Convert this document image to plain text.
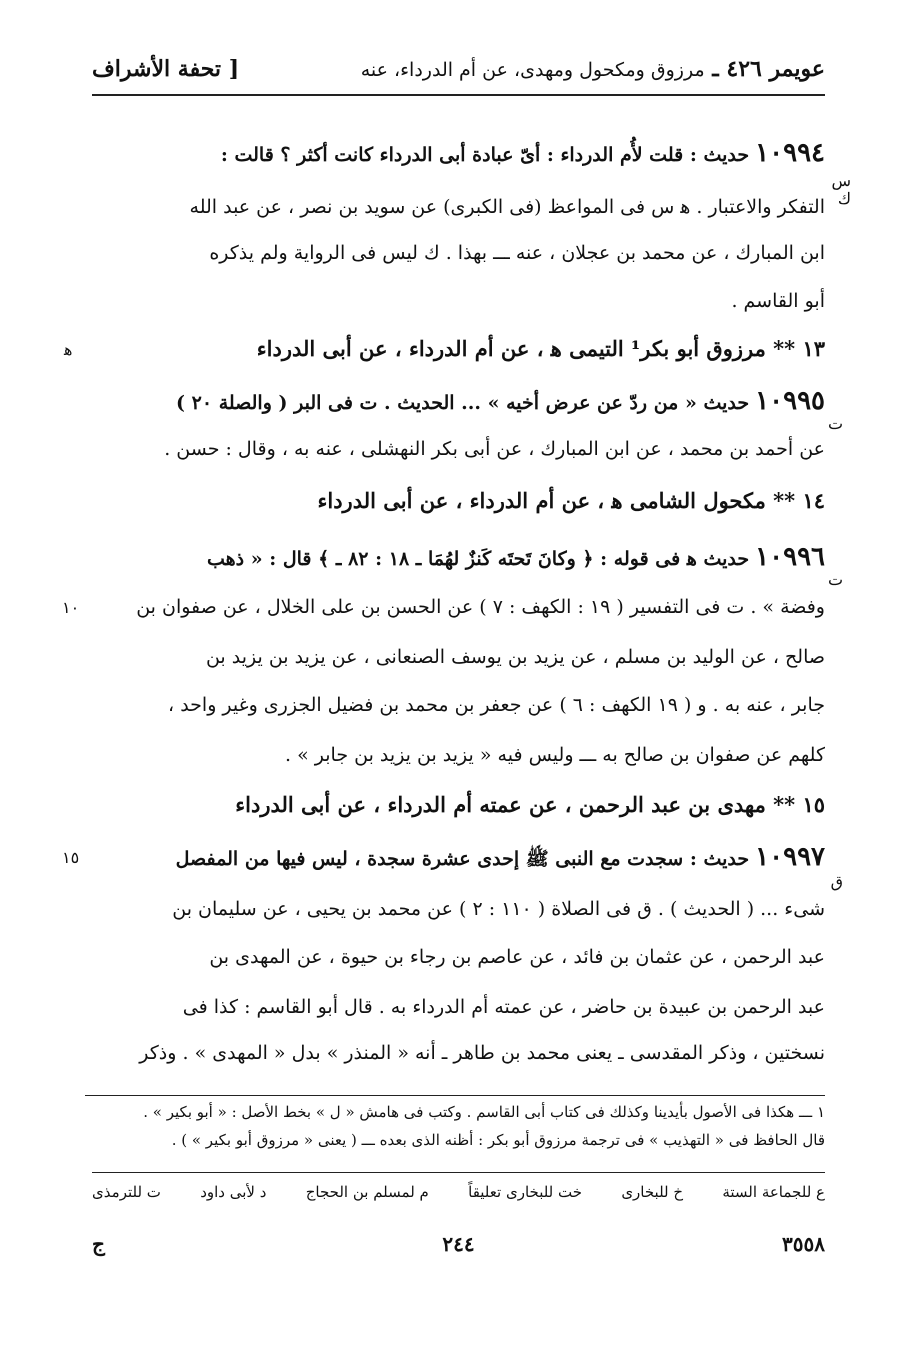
عويمر ٤٢٦ ـ مرزوق ومكحول ومهدى، عن أم الدرداء، عنه
[ تحفة الأشراف
١٠٩٩٤ حديث : قلت لأُم الدرداء : أىّ عبادة أبى الدرداء كانت أكثر ؟ قالت :
س ك
التفكر والاعتبار . ه‍ س فى المواعظ (فى الكبرى) عن سويد بن نصر ، عن عبد الله
ابن المبارك ، عن محمد بن عجلان ، عنه ـــ بهذا . ك ليس فى الرواية ولم يذكره
أبو القاسم .
١٣ ** مرزوق أبو بكر¹ التيمى ه‍ ، عن أم الدرداء ، عن أبى الدرداء
ه‍
١٠٩٩٥ حديث « من ردّ عن عرض أخيه » ... الحديث . ت فى البر ( والصلة ٢٠ )
ت
عن أحمد بن محمد ، عن ابن المبارك ، عن أبى بكر النهشلى ، عنه به ، وقال : حسن .
١٤ ** مكحول الشامى ه‍ ، عن أم الدرداء ، عن أبى الدرداء
١٠٩٩٦ حديث ه‍ فى قوله : ﴿ وكانَ تَحتَه كَنزٌ لهُمَا ـ ١٨ : ٨٢ ـ ﴾ قال : « ذهب
ت
وفضة » . ت فى التفسير ( ١٩ : الكهف : ٧ ) عن الحسن بن على الخلال ، عن صفوان بن
١٠
صالح ، عن الوليد بن مسلم ، عن يزيد بن يوسف الصنعانى ، عن يزيد بن يزيد بن
جابر ، عنه به . و ( ١٩ الكهف : ٦ ) عن جعفر بن محمد بن فضيل الجزرى وغير واحد ،
كلهم عن صفوان بن صالح به ـــ وليس فيه « يزيد بن يزيد بن جابر » .
١٥ ** مهدى بن عبد الرحمن ، عن عمته أم الدرداء ، عن أبى الدرداء
١٠٩٩٧ حديث : سجدت مع النبى ﷺ إحدى عشرة سجدة ، ليس فيها من المفصل
١٥
ق
شىء ... ( الحديث ) . ق فى الصلاة ( ١١٠ : ٢ ) عن محمد بن يحيى ، عن سليمان بن
عبد الرحمن ، عن عثمان بن فائد ، عن عاصم بن رجاء بن حيوة ، عن المهدى بن
عبد الرحمن بن عبيدة بن حاضر ، عن عمته أم الدرداء به . قال أبو القاسم : كذا فى
نسختين ، وذكر المقدسى ـ يعنى محمد بن طاهر ـ أنه « المنذر » بدل « المهدى » . وذكر
١ ـــ هكذا فى الأصول بأيدينا وكذلك فى كتاب أبى القاسم . وكتب فى هامش « ل » بخط الأصل : « أبو بكير » .
قال الحافظ فى « التهذيب » فى ترجمة مرزوق أبو بكر : أظنه الذى بعده ـــ ( يعنى « مرزوق أبو بكير » ) .
ع للجماعة الستة
خ للبخارى
خت للبخارى تعليقاً
م لمسلم بن الحجاج
د لأبى داود
ت للترمذى
٣٥٥٨
٢٤٤
ج
